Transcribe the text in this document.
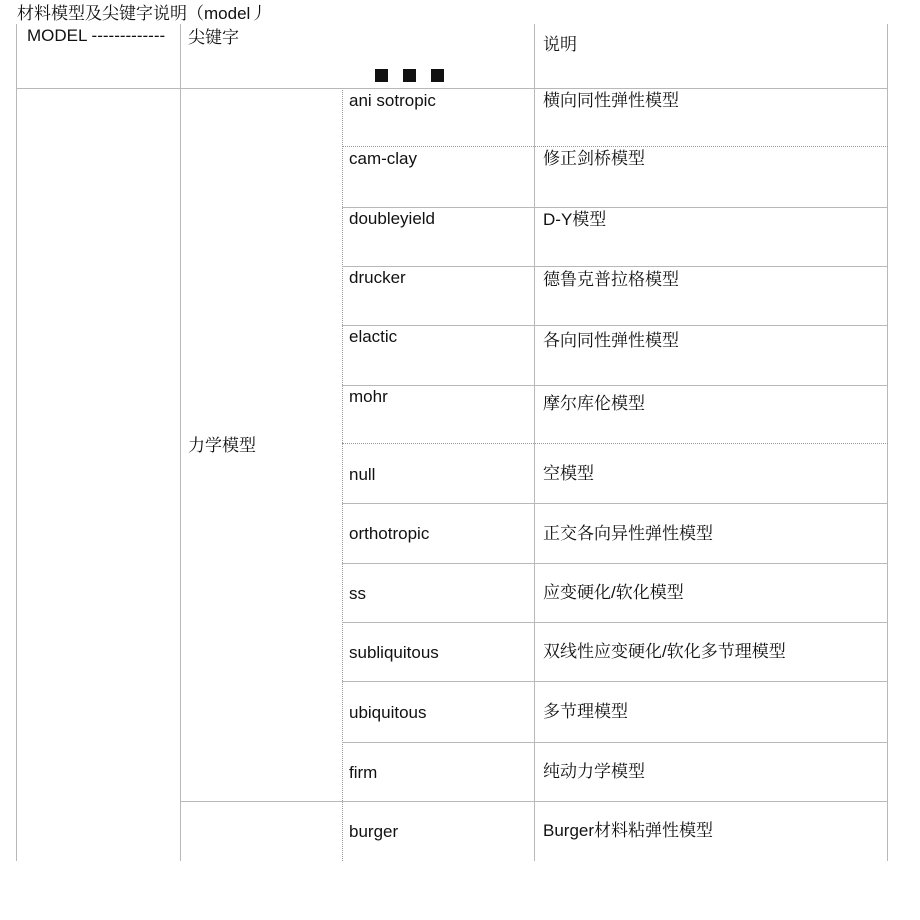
材料模型及尖键字说明（model丿
MODEL ------------- 尖键字	说明
力学模型
ani sotropic	横向同性弹性模型
cam-clay	修正剑桥模型
doubleyield	D-Y模型
drucker	德鲁克普拉格模型
elactic	各向同性弹性模型
mohr	摩尔库伦模型
null	空模型
orthotropic	正交各向异性弹性模型
ss	应变硬化/软化模型
subliquitous	双线性应变硬化/软化多节理模型
ubiquitous	多节理模型
firm	纯动力学模型
burger	Burger材料粘弹性模型
